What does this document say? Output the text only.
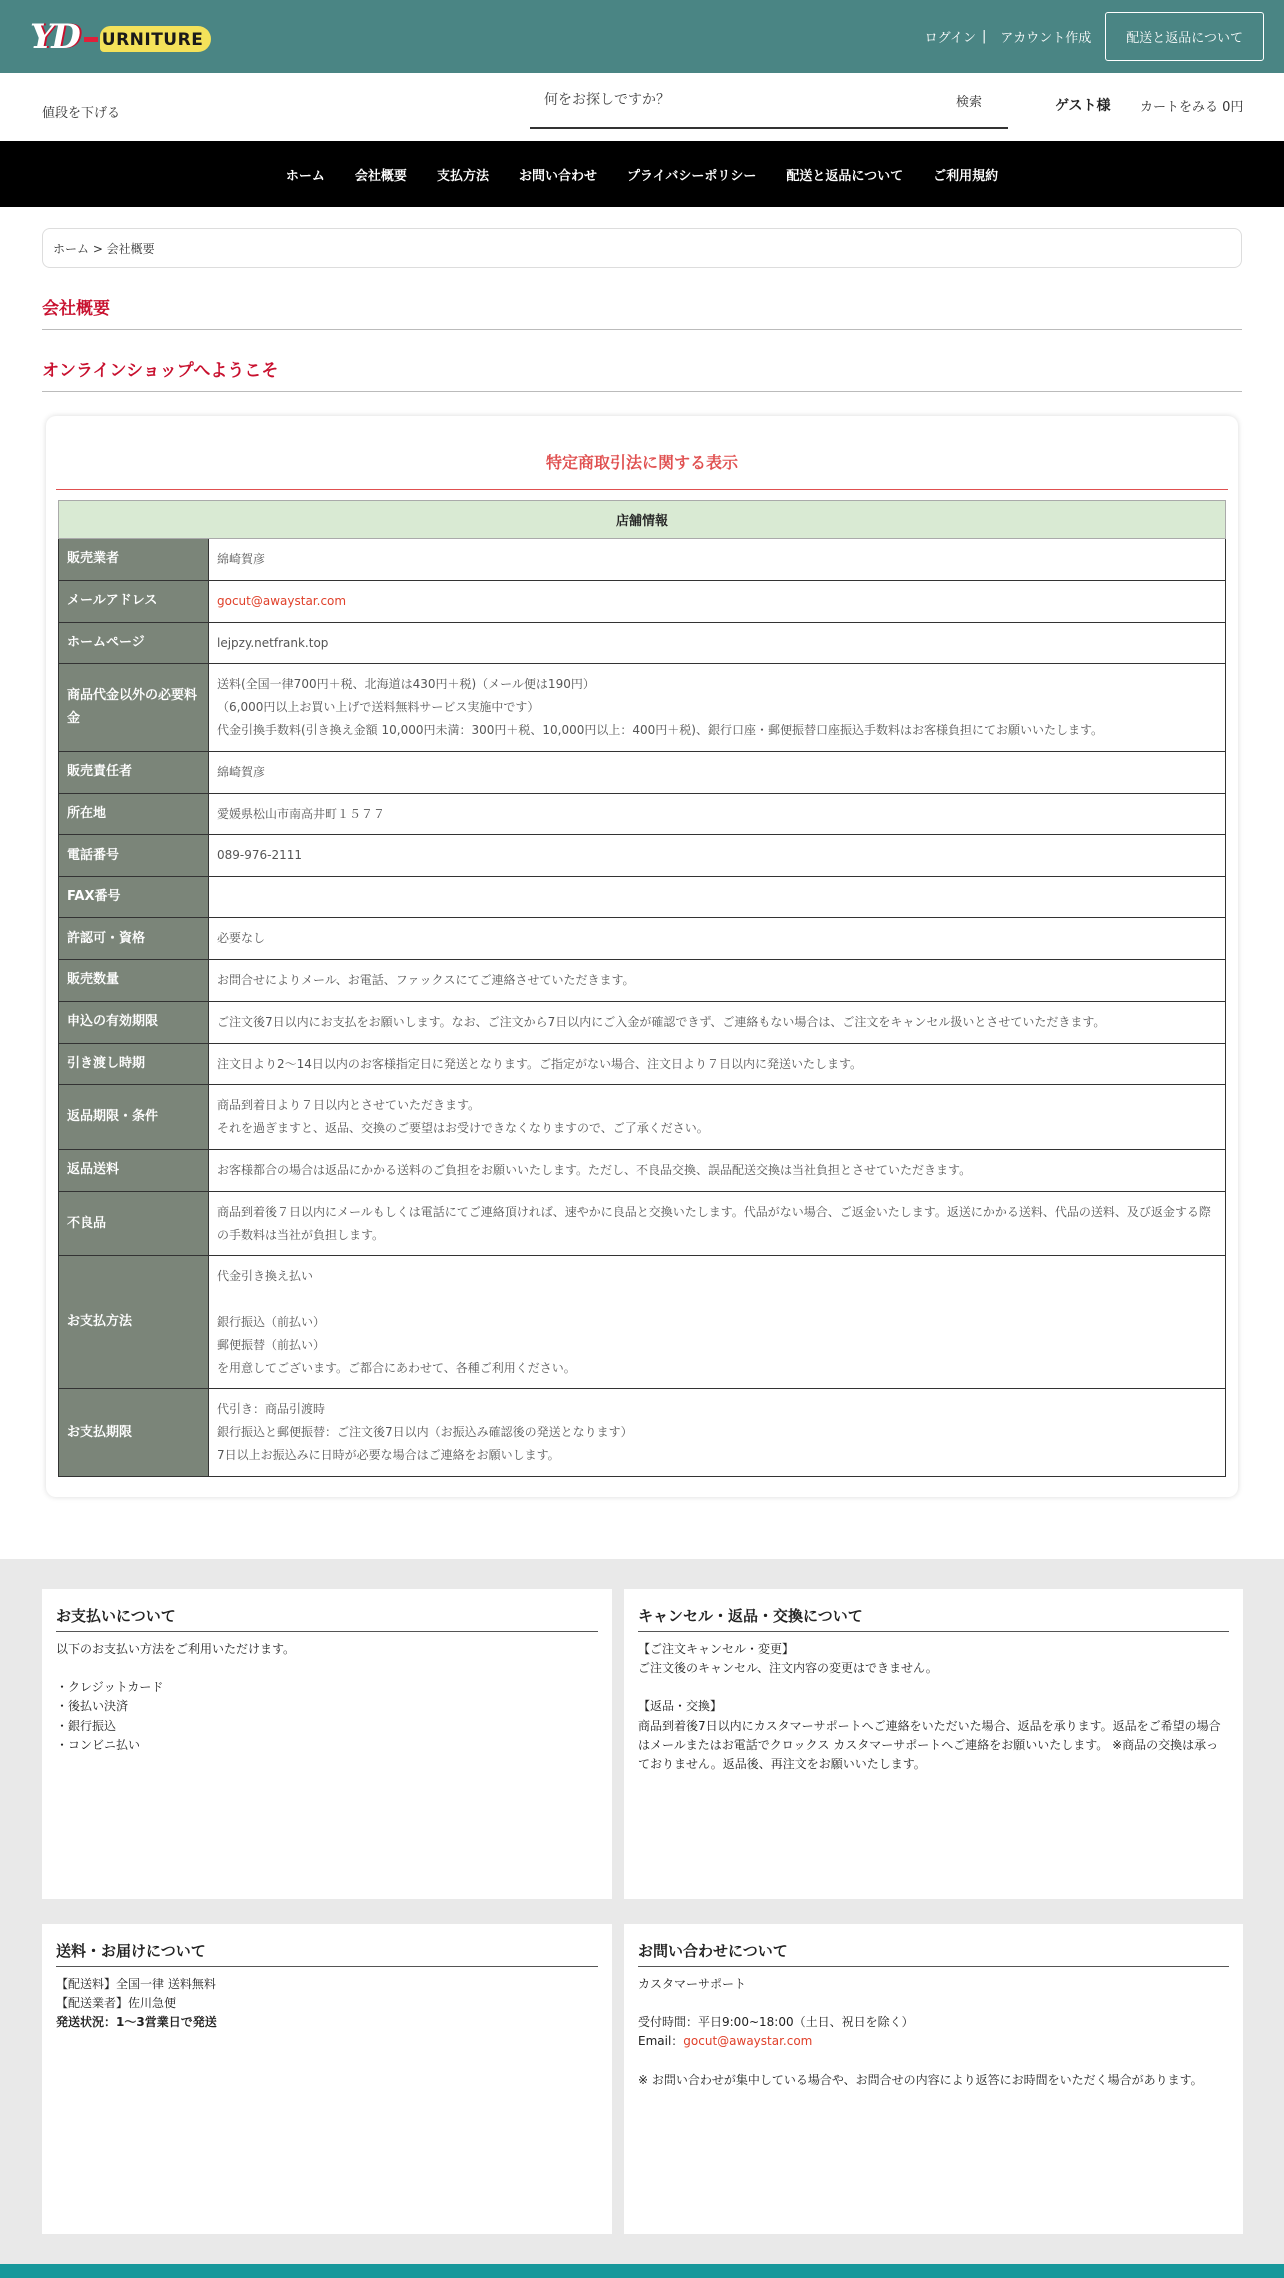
YD URNITURE	ログイン | アカウント作成	配送と返品について
値段を下げる
何をお探しですか？
検索	ゲスト様 カートをみる 0円
ホーム	会社概要	支払方法	お問い合わせ	プライバシーポリシー	配送と返品について	ご利用規約
ホーム > 会社概要
会社概要
オンラインショップへようこそ
特定商取引法に関する表示
店舗情報	
販売業者	綿崎賀彦
メールアドレス	gocut@awaystar.com
ホームページ	lejpzy.netfrank.top
商品代金以外の必要料金	送料(全国一律700円＋税、北海道は430円＋税)（メール便は190円）
（6,000円以上お買い上げで送料無料サービス実施中です）
代金引換手数料(引き換え金額 10,000円未満：300円＋税、10,000円以上：400円＋税)、銀行口座・郵便振替口座振込手数料はお客様負担にてお願いいたします。
販売責任者	綿崎賀彦
所在地	愛媛県松山市南高井町１５７７
電話番号	089-976-2111
FAX番号	
許認可・資格	必要なし
販売数量	お問合せによりメール、お電話、ファックスにてご連絡させていただきます。
申込の有効期限	ご注文後7日以内にお支払をお願いします。なお、ご注文から7日以内にご入金が確認できず、ご連絡もない場合は、ご注文をキャンセル扱いとさせていただきます。
引き渡し時期	注文日より2〜14日以内のお客様指定日に発送となります。ご指定がない場合、注文日より７日以内に発送いたします。
返品期限・条件	商品到着日より７日以内とさせていただきます。
それを過ぎますと、返品、交換のご要望はお受けできなくなりますので、ご了承ください。
返品送料	お客様都合の場合は返品にかかる送料のご負担をお願いいたします。ただし、不良品交換、誤品配送交換は当社負担とさせていただきます。
不良品	商品到着後７日以内にメールもしくは電話にてご連絡頂ければ、速やかに良品と交換いたします。代品がない場合、ご返金いたします。返送にかかる送料、代品の送料、及び返金する際の手数料は当社が負担します。
お支払方法	代金引き換え払い

銀行振込（前払い）
郵便振替（前払い）
を用意してございます。ご都合にあわせて、各種ご利用ください。
お支払期限	代引き：商品引渡時
銀行振込と郵便振替：ご注文後7日以内（お振込み確認後の発送となります）
7日以上お振込みに日時が必要な場合はご連絡をお願いします。
お支払いについて

以下のお支払い方法をご利用いただけます。

・クレジットカード
・後払い決済
・銀行振込
・コンビニ払い

キャンセル・返品・交換について

【ご注文キャンセル・変更】
ご注文後のキャンセル、注文内容の変更はできません。

【返品・交換】
商品到着後7日以内にカスタマーサポートへご連絡をいただいた場合、返品を承ります。返品をご希望の場合はメールまたはお電話でクロックス カスタマーサポートへご連絡をお願いいたします。 ※商品の交換は承っておりません。返品後、再注文をお願いいたします。

送料・お届けについて

【配送料】全国一律 送料無料
【配送業者】佐川急便

発送状況：1〜3営業日で発送

お問い合わせについて

カスタマーサポート

受付時間：平日9:00~18:00（土日、祝日を除く）

Email：gocut@awaystar.com

※ お問い合わせが集中している場合や、お問合せの内容により返答にお時間をいただく場合があります。
